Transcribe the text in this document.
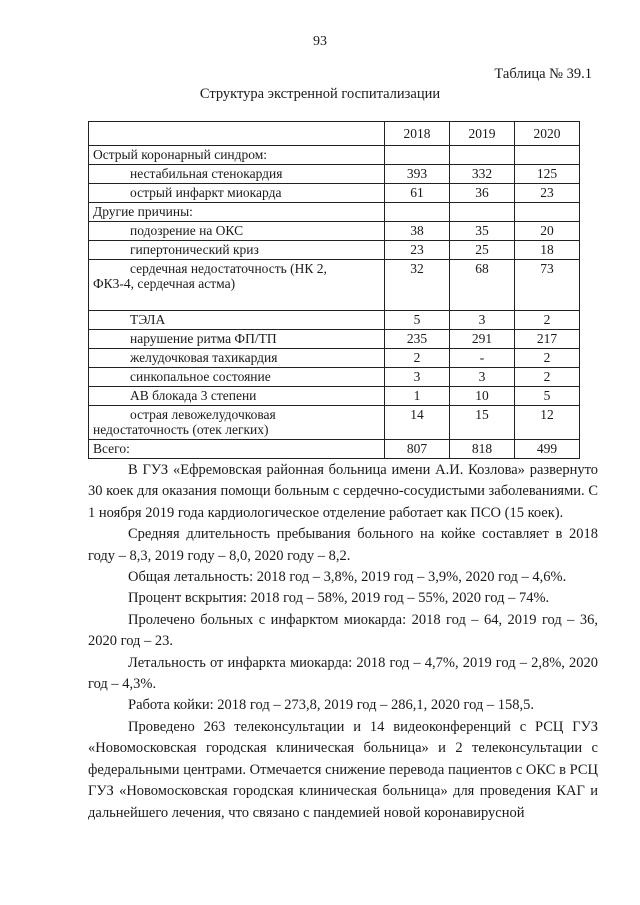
93
Таблица № 39.1
Структура экстренной госпитализации
	2018	2019	2020
Острый коронарный синдром:			
нестабильная стенокардия	393	332	125
острый инфаркт миокарда	61	36	23
Другие причины:			
подозрение на ОКС	38	35	20
гипертонический криз	23	25	18

сердечная недостаточность (НК 2,
ФК3-4, сердечная астма)	32	68	73
ТЭЛА	5	3	2
нарушение ритма ФП/ТП	235	291	217
желудочковая тахикардия	2	-	2
синкопальное состояние	3	3	2
АВ блокада 3 степени	1	10	5

острая левожелудочковая
недостаточность (отек легких)	14	15	12
Всего:	807	818	499

В ГУЗ «Ефремовская районная больница имени А.И. Козлова» развернуто 30 коек для оказания помощи больным с сердечно-сосудистыми заболеваниями. С 1 ноября 2019 года кардиологическое отделение работает как ПСО (15 коек).

Средняя длительность пребывания больного на койке составляет в 2018 году – 8,3, 2019 году – 8,0, 2020 году – 8,2.

Общая летальность: 2018 год – 3,8%, 2019 год – 3,9%, 2020 год – 4,6%.

Процент вскрытия: 2018 год – 58%, 2019 год – 55%, 2020 год – 74%.

Пролечено больных с инфарктом миокарда: 2018 год – 64, 2019 год – 36, 2020 год – 23.

Летальность от инфаркта миокарда: 2018 год – 4,7%, 2019 год – 2,8%, 2020 год – 4,3%.

Работа койки: 2018 год – 273,8, 2019 год – 286,1, 2020 год – 158,5.

Проведено 263 телеконсультации и 14 видеоконференций с РСЦ ГУЗ «Новомосковская городская клиническая больница» и 2 телеконсультации с федеральными центрами. Отмечается снижение перевода пациентов с ОКС в РСЦ ГУЗ «Новомосковская городская клиническая больница» для проведения КАГ и дальнейшего лечения, что связано с пандемией новой коронавирусной
